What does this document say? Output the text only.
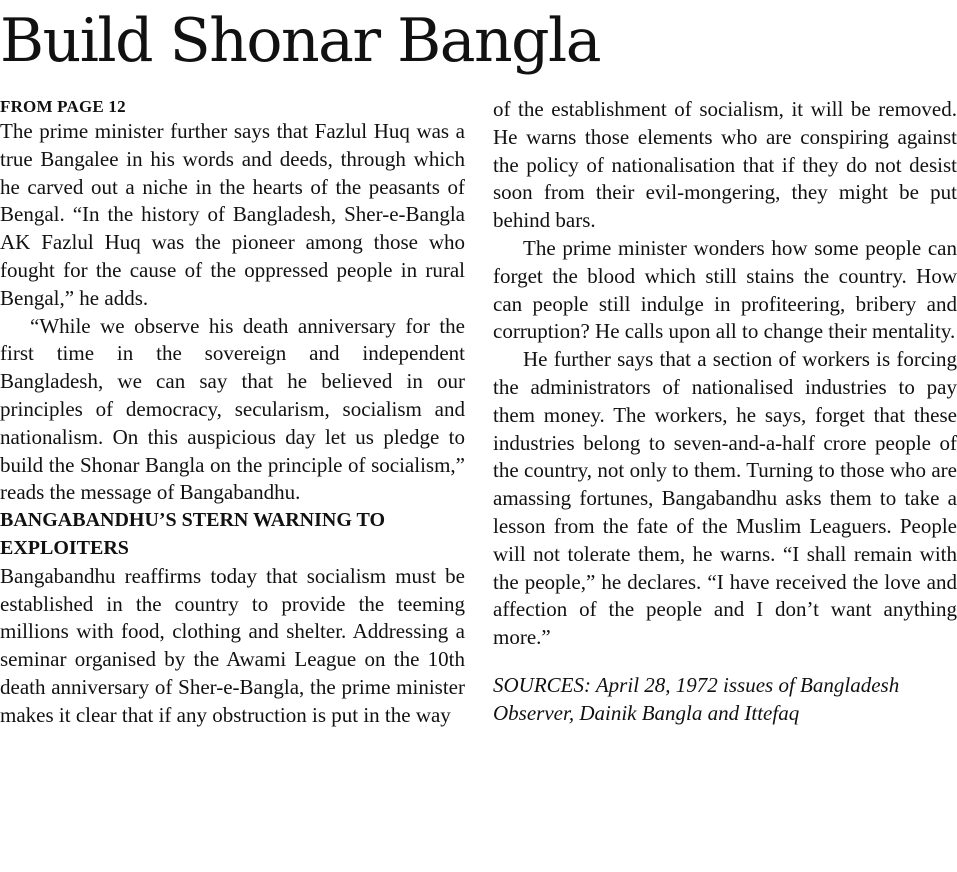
Build Shonar Bangla
FROM PAGE 12

The prime minister further says that Fazlul Huq was a true Bangalee in his words and deeds, through which he carved out a niche in the hearts of the peasants of Bengal. “In the history of Bangladesh, Sher-e-Bangla AK Fazlul Huq was the pioneer among those who fought for the cause of the oppressed people in rural Bengal,” he adds.

“While we observe his death anniversary for the first time in the sovereign and independent Bangladesh, we can say that he believed in our principles of democracy, secularism, socialism and nationalism. On this auspicious day let us pledge to build the Shonar Bangla on the principle of socialism,” reads the message of Bangabandhu.

BANGABANDHU’S STERN WARNING TO EXPLOITERS

Bangabandhu reaffirms today that socialism must be established in the country to provide the teeming millions with food, clothing and shelter. Addressing a seminar organised by the Awami League on the 10th death anniversary of Sher-e-Bangla, the prime minister makes it clear that if any obstruction is put in the way

of the establishment of socialism, it will be removed. He warns those elements who are conspiring against the policy of nationalisation that if they do not desist soon from their evil-mongering, they might be put behind bars.

The prime minister wonders how some people can forget the blood which still stains the country. How can people still indulge in profiteering, bribery and corruption? He calls upon all to change their mentality.

He further says that a section of workers is forcing the administrators of nationalised industries to pay them money. The workers, he says, forget that these industries belong to seven-and-a-half crore people of the country, not only to them. Turning to those who are amassing fortunes, Bangabandhu asks them to take a lesson from the fate of the Muslim Leaguers. People will not tolerate them, he warns. “I shall remain with the people,” he declares. “I have received the love and affection of the people and I don’t want anything more.”

SOURCES: April 28, 1972 issues of Bangladesh Observer, Dainik Bangla and Ittefaq
